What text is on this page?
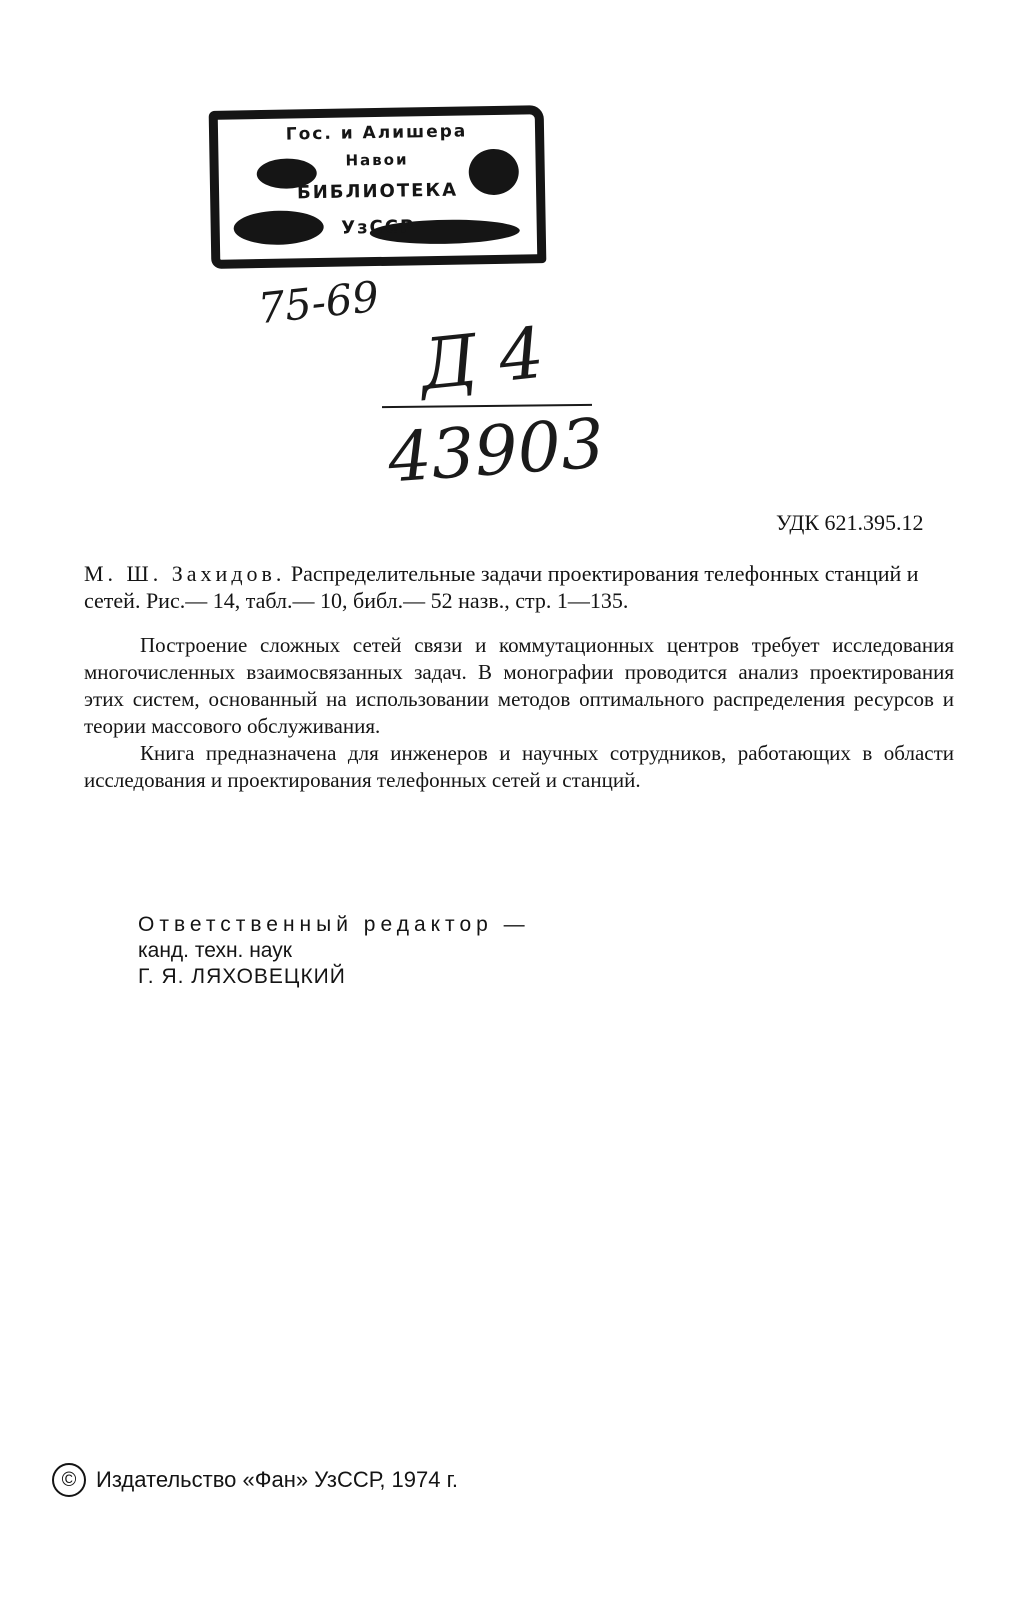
Гос. и Алишера
Навои
БИБЛИОТЕКА
УзССР
75-69
Д 4
43903
УДК 621.395.12
М. Ш. Захидов. Распределительные задачи проектирования телефонных станций и сетей. Рис.— 14, табл.— 10, библ.— 52 назв., стр. 1—135.

Построение сложных сетей связи и коммутационных центров требует исследования многочисленных взаимосвязанных задач. В монографии проводится анализ проектирования этих систем, основанный на использовании методов оптимального распределения ресурсов и теории массового обслуживания.

Книга предназначена для инженеров и научных сотрудников, работающих в области исследования и проектирования телефонных сетей и станций.

Ответственный редактор —
канд. техн. наук
Г. Я. ЛЯХОВЕЦКИЙ
© Издательство «Фан» УзССР, 1974 г.
